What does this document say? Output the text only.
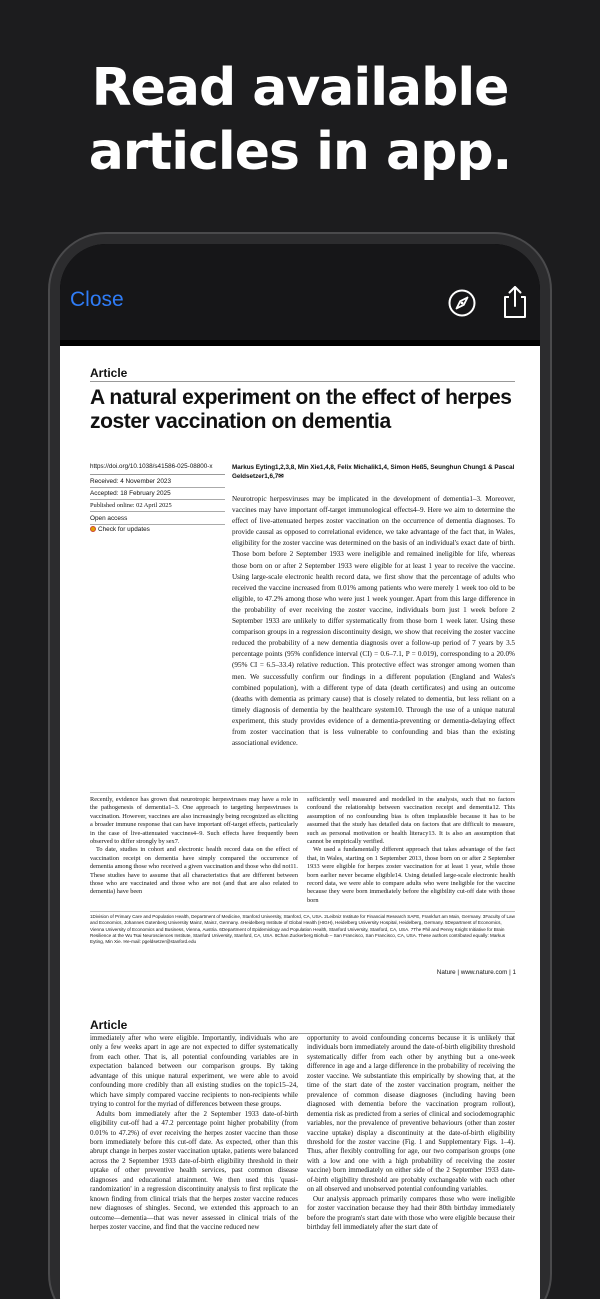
Read available
articles in app.
Close
Article
A natural experiment on the effect of herpes zoster vaccination on dementia
https://doi.org/10.1038/s41586-025-08800-x	Markus Eyting1,2,3,8, Min Xie1,4,8, Felix Michalik1,4, Simon Heß5, Seunghun Chung1 & Pascal Geldsetzer1,6,7✉
Received: 4 November 2023
Accepted: 18 February 2025
Published online: 02 April 2025
Open access
Check for updates
Neurotropic herpesviruses may be implicated in the development of dementia1–3. Moreover, vaccines may have important off-target immunological effects4–9. Here we aim to determine the effect of live-attenuated herpes zoster vaccination on the occurrence of dementia diagnoses. To provide causal as opposed to correlational evidence, we take advantage of the fact that, in Wales, eligibility for the zoster vaccine was determined on the basis of an individual's exact date of birth. Those born before 2 September 1933 were ineligible and remained ineligible for life, whereas those born on or after 2 September 1933 were eligible for at least 1 year to receive the vaccine. Using large-scale electronic health record data, we first show that the percentage of adults who received the vaccine increased from 0.01% among patients who were merely 1 week too old to be eligible, to 47.2% among those who were just 1 week younger. Apart from this large difference in the probability of ever receiving the zoster vaccine, individuals born just 1 week before 2 September 1933 are unlikely to differ systematically from those born 1 week later. Using these comparison groups in a regression discontinuity design, we show that receiving the zoster vaccine reduced the probability of a new dementia diagnosis over a follow-up period of 7 years by 3.5 percentage points (95% confidence interval (CI) = 0.6–7.1, P = 0.019), corresponding to a 20.0% (95% CI = 6.5–33.4) relative reduction. This protective effect was stronger among women than men. We successfully confirm our findings in a different population (England and Wales's combined population), with a different type of data (death certificates) and using an outcome (deaths with dementia as primary cause) that is closely related to dementia, but less reliant on a timely diagnosis of dementia by the healthcare system10. Through the use of a unique natural experiment, this study provides evidence of a dementia-preventing or dementia-delaying effect from zoster vaccination that is less vulnerable to confounding and bias than the existing associational evidence.
Recently, evidence has grown that neurotropic herpesviruses may have a role in the pathogenesis of dementia1–3. One approach to targeting herpesviruses is vaccination. However, vaccines are also increasingly being recognized as eliciting a broader immune response that can have important off-target effects, particularly in the case of live-attenuated vaccines4–9. Such effects have frequently been observed to differ strongly by sex7.
To date, studies in cohort and electronic health record data on the effect of vaccination receipt on dementia have simply compared the occurrence of dementia among those who received a given vaccination and those who did not11. These studies have to assume that all characteristics that are different between those who are vaccinated and those who are not (and that are also related to dementia) have been
sufficiently well measured and modelled in the analysis, such that no factors confound the relationship between vaccination receipt and dementia12. This assumption of no confounding bias is often implausible because it has to be assumed that the study has detailed data on factors that are difficult to measure, such as personal motivation or health literacy13. It is also an assumption that cannot be empirically verified.
We used a fundamentally different approach that takes advantage of the fact that, in Wales, starting on 1 September 2013, those born on or after 2 September 1933 were eligible for herpes zoster vaccination for at least 1 year, while those born earlier never became eligible14. Using detailed large-scale electronic health record data, we were able to compare adults who were ineligible for the vaccine because they were born immediately before the eligibility cut-off date with those born
1Division of Primary Care and Population Health, Department of Medicine, Stanford University, Stanford, CA, USA. 2Leibniz Institute for Financial Research SAFE, Frankfurt am Main, Germany. 3Faculty of Law and Economics, Johannes Gutenberg University Mainz, Mainz, Germany. 4Heidelberg Institute of Global Health (HIGH), Heidelberg University Hospital, Heidelberg, Germany. 5Department of Economics, Vienna University of Economics and Business, Vienna, Austria. 6Department of Epidemiology and Population Health, Stanford University, Stanford, CA, USA. 7The Phil and Penny Knight Initiative for Brain Resilience at the Wu Tsai Neurosciences Institute, Stanford University, Stanford, CA, USA. 8Chan Zuckerberg Biohub – San Francisco, San Francisco, CA, USA. These authors contributed equally: Markus Eyting, Min Xie. ✉e-mail: pgeldsetzer@stanford.edu
Nature | www.nature.com | 1
Article
immediately after who were eligible. Importantly, individuals who are only a few weeks apart in age are not expected to differ systematically from each other. That is, all potential confounding variables are in expectation balanced between our comparison groups. By taking advantage of this unique natural experiment, we were able to avoid confounding more credibly than all existing studies on the topic15–24, which have simply compared vaccine recipients to non-recipients while trying to control for the myriad of differences between these groups.
Adults born immediately after the 2 September 1933 date-of-birth eligibility cut-off had a 47.2 percentage point higher probability (from 0.01% to 47.2%) of ever receiving the herpes zoster vaccine than those born immediately before this cut-off date. As expected, other than this abrupt change in herpes zoster vaccination uptake, patients were balanced across the 2 September 1933 date-of-birth eligibility threshold in their uptake of other preventive health services, past common disease diagnoses and educational attainment. We then used this 'quasi-randomization' in a regression discontinuity analysis to first replicate the known finding from clinical trials that the herpes zoster vaccine reduces new diagnoses of shingles. Second, we extended this approach to an outcome—dementia—that was never assessed in clinical trials of the herpes zoster vaccine, and find that the vaccine reduced new
opportunity to avoid confounding concerns because it is unlikely that individuals born immediately around the date-of-birth eligibility threshold systematically differ from each other by anything but a one-week difference in age and a large difference in the probability of receiving the zoster vaccine. We substantiate this empirically by showing that, at the time of the start date of the zoster vaccination program, neither the prevalence of common disease diagnoses (including having been diagnosed with dementia before the vaccination program rollout), dementia risk as predicted from a series of clinical and sociodemographic variables, nor the prevalence of preventive behaviours (other than zoster vaccine uptake) display a discontinuity at the date-of-birth eligibility threshold for the zoster vaccine (Fig. 1 and Supplementary Figs. 1–4). Thus, after flexibly controlling for age, our two comparison groups (one with a low and one with a high probability of receiving the zoster vaccine) born immediately on either side of the 2 September 1933 date-of-birth eligibility threshold are probably exchangeable with each other on all observed and unobserved potential confounding variables.
Our analysis approach primarily compares those who were ineligible for zoster vaccination because they had their 80th birthday immediately before the program's start date with those who were eligible because their birthday fell immediately after the start date of
